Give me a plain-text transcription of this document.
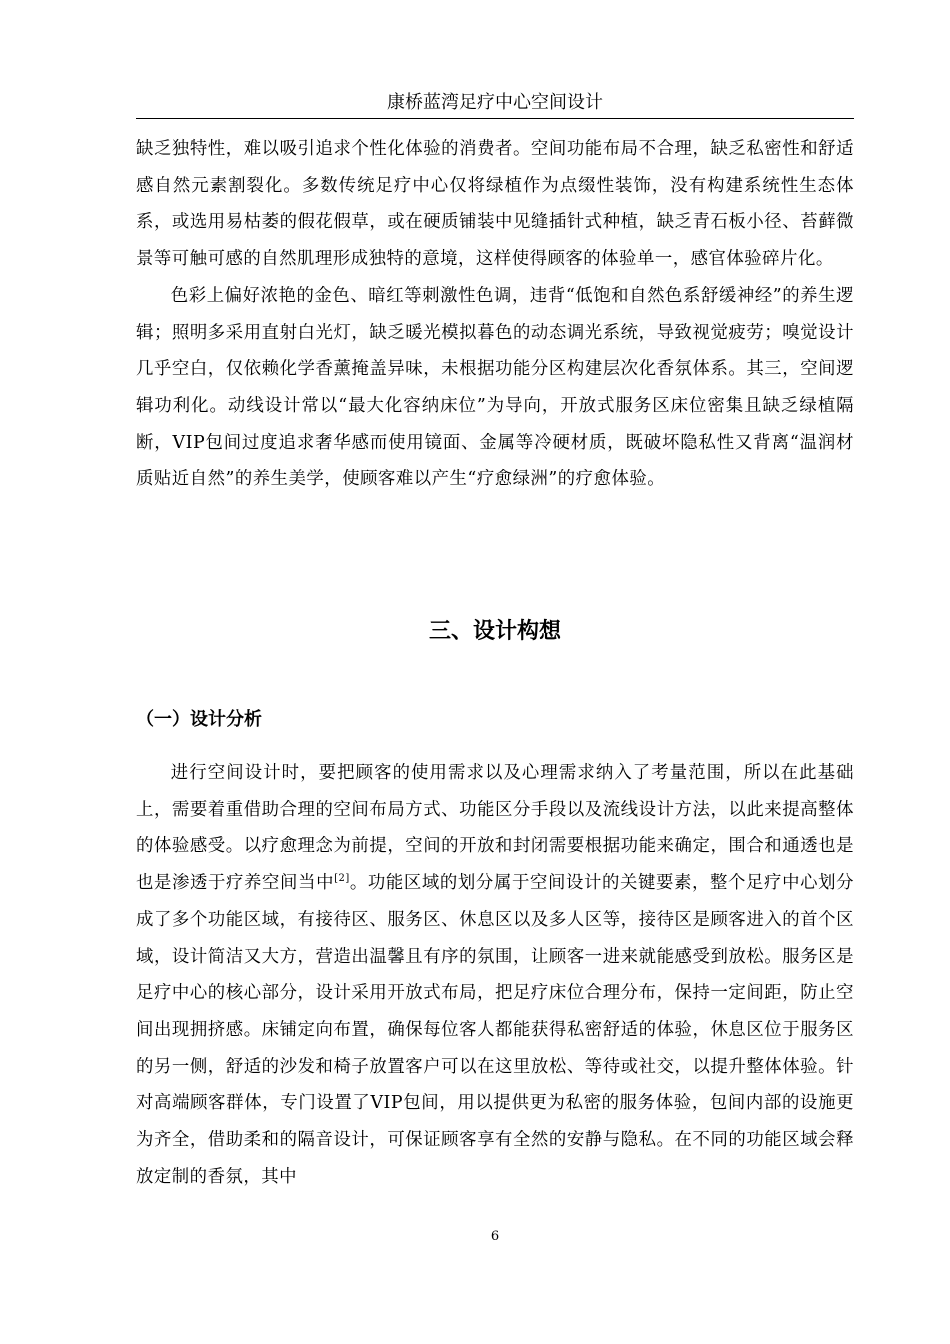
康桥蓝湾足疗中心空间设计

缺乏独特性，难以吸引追求个性化体验的消费者。空间功能布局不合理，缺乏私密性和舒适感自然元素割裂化。多数传统足疗中心仅将绿植作为点缀性装饰，没有构建系统性生态体系，或选用易枯萎的假花假草，或在硬质铺装中见缝插针式种植，缺乏青石板小径、苔藓微景等可触可感的自然肌理形成独特的意境，这样使得顾客的体验单一，感官体验碎片化。

色彩上偏好浓艳的金色、暗红等刺激性色调，违背“低饱和自然色系舒缓神经”的养生逻辑；照明多采用直射白光灯，缺乏暖光模拟暮色的动态调光系统，导致视觉疲劳；嗅觉设计几乎空白，仅依赖化学香薰掩盖异味，未根据功能分区构建层次化香氛体系。其三，空间逻辑功利化。动线设计常以“最大化容纳床位”为导向，开放式服务区床位密集且缺乏绿植隔断，VIP包间过度追求奢华感而使用镜面、金属等冷硬材质，既破坏隐私性又背离“温润材质贴近自然”的养生美学，使顾客难以产生“疗愈绿洲”的疗愈体验。

三、设计构想
（一）设计分析

进行空间设计时，要把顾客的使用需求以及心理需求纳入了考量范围，所以在此基础上，需要着重借助合理的空间布局方式、功能区分手段以及流线设计方法，以此来提高整体的体验感受。以疗愈理念为前提，空间的开放和封闭需要根据功能来确定，围合和通透也是也是渗透于疗养空间当中[2]。功能区域的划分属于空间设计的关键要素，整个足疗中心划分成了多个功能区域，有接待区、服务区、休息区以及多人区等，接待区是顾客进入的首个区域，设计简洁又大方，营造出温馨且有序的氛围，让顾客一进来就能感受到放松。服务区是足疗中心的核心部分，设计采用开放式布局，把足疗床位合理分布，保持一定间距，防止空间出现拥挤感。床铺定向布置，确保每位客人都能获得私密舒适的体验，休息区位于服务区的另一侧，舒适的沙发和椅子放置客户可以在这里放松、等待或社交，以提升整体体验。针对高端顾客群体，专门设置了VIP包间，用以提供更为私密的服务体验，包间内部的设施更为齐全，借助柔和的隔音设计，可保证顾客享有全然的安静与隐私。在不同的功能区域会释放定制的香氛，其中

6
